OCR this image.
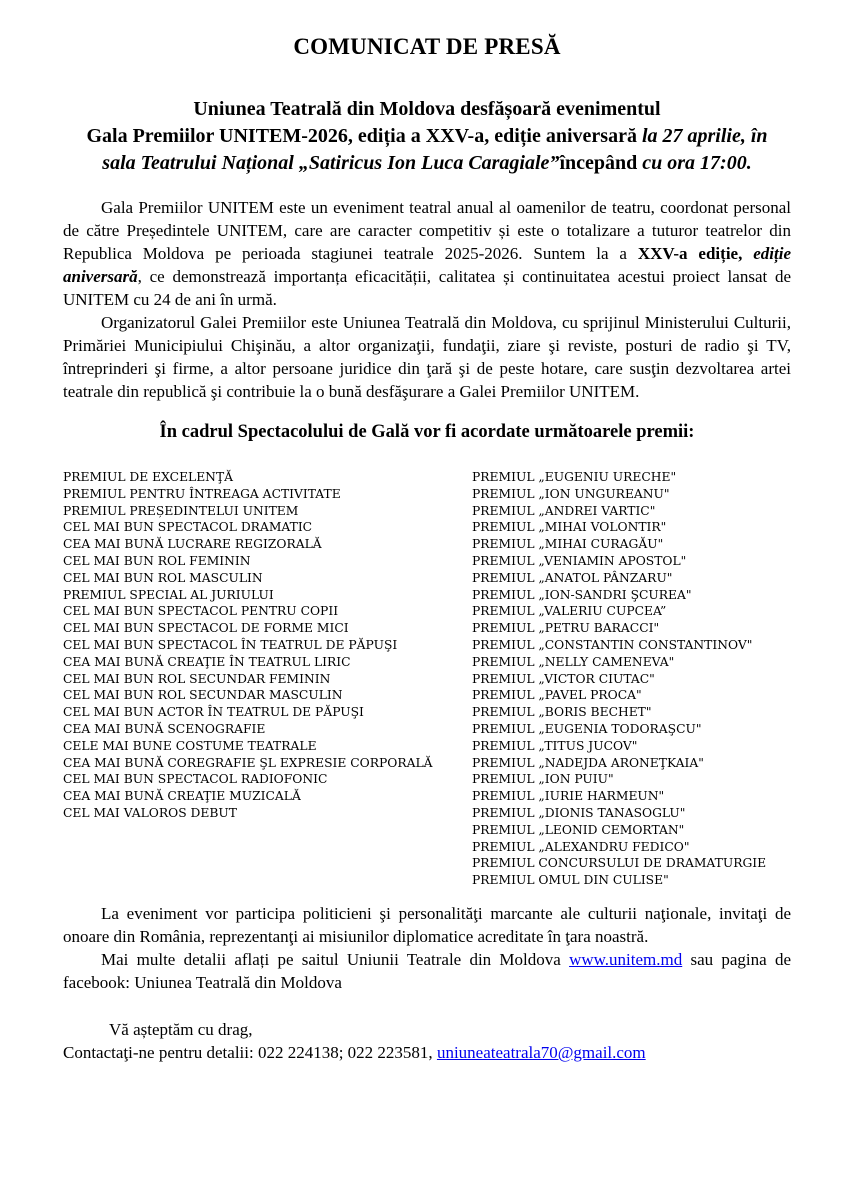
COMUNICAT DE PRESĂ
Uniunea Teatrală din Moldova desfășoară evenimentul
Gala Premiilor UNITEM-2026, ediția a XXV-a, ediție aniversară la 27 aprilie, în
sala Teatrului Național „Satiricus Ion Luca Caragiale”începând cu ora 17:00.

Gala Premiilor UNITEM este un eveniment teatral anual al oamenilor de teatru, coordonat personal de către Președintele UNITEM, care are caracter competitiv și este o totalizare a tuturor teatrelor din Republica Moldova pe perioada stagiunei teatrale 2025-2026. Suntem la a XXV-a ediție, ediție aniversară, ce demonstrează importanța eficacității, calitatea și continuitatea acestui proiect lansat de UNITEM cu 24 de ani în urmă.

Organizatorul Galei Premiilor este Uniunea Teatrală din Moldova, cu sprijinul Ministerului Culturii, Primăriei Municipiului Chişinău, a altor organizaţii, fundaţii, ziare şi reviste, posturi de radio şi TV, întreprinderi şi firme, a altor persoane juridice din ţară şi de peste hotare, care susţin dezvoltarea artei teatrale din republică şi contribuie la o bună desfăşurare a Galei Premiilor UNITEM.

În cadrul Spectacolului de Gală vor fi acordate următoarele premii:
PREMIUL DE EXCELENŢĂ
PREMIUL PENTRU ÎNTREAGA ACTIVITATE
PREMIUL PREȘEDINTELUI UNITEM
CEL MAI BUN SPECTACOL DRAMATIC
CEA MAI BUNĂ LUCRARE REGIZORALĂ
CEL MAI BUN ROL FEMININ
CEL MAI BUN ROL MASCULIN
PREMIUL SPECIAL AL JURIULUI
CEL MAI BUN SPECTACOL PENTRU COPII
CEL MAI BUN SPECTACOL DE FORME MICI
CEL MAI BUN SPECTACOL ÎN TEATRUL DE PĂPUŞI
CEA MAI BUNĂ CREAŢIE ÎN TEATRUL LIRIC
CEL MAI BUN ROL SECUNDAR FEMININ
CEL MAI BUN ROL SECUNDAR MASCULIN
CEL MAI BUN ACTOR ÎN TEATRUL DE PĂPUŞI
CEA MAI BUNĂ SCENOGRAFIE
CELE MAI BUNE COSTUME TEATRALE
CEA MAI BUNĂ COREGRAFIE ŞL EXPRESIE CORPORALĂ
CEL MAI BUN SPECTACOL RADIOFONIC
CEA MAI BUNĂ CREAŢIE MUZICALĂ
CEL MAI VALOROS DEBUT
PREMIUL „EUGENIU URECHE"
PREMIUL „ION UNGUREANU"
PREMIUL „ANDREI VARTIC"
PREMIUL „MIHAI VOLONTIR"
PREMIUL „MIHAI CURAGĂU"
PREMIUL „VENIAMIN APOSTOL"
PREMIUL „ANATOL PÂNZARU"
PREMIUL „ION-SANDRI ŞCUREA"
PREMIUL „VALERIU CUPCEA”
PREMIUL „PETRU BARACCI"
PREMIUL „CONSTANTIN CONSTANTINOV"
PREMIUL „NELLY CAMENEVA"
PREMIUL „VICTOR CIUTAC"
PREMIUL „PAVEL PROCA"
PREMIUL „BORIS BECHET"
PREMIUL „EUGENIA TODORAŞCU"
PREMIUL „TITUS JUCOV"
PREMIUL „NADEJDA ARONEŢKAIA"
PREMIUL „ION PUIU"
PREMIUL „IURIE HARMEUN"
PREMIUL „DIONIS TANASOGLU"
PREMIUL „LEONID CEMORTAN"
PREMIUL „ALEXANDRU FEDICO"
PREMIUL CONCURSULUI DE DRAMATURGIE
PREMIUL OMUL DIN CULISE"

La eveniment vor participa politicieni şi personalităţi marcante ale culturii naţionale, invitaţi de onoare din România, reprezentanţi ai misiunilor diplomatice acreditate în ţara noastră.

Mai multe detalii aflați pe saitul Uniunii Teatrale din Moldova www.unitem.md sau pagina de facebook: Uniunea Teatrală din Moldova

Vă așteptăm cu drag,
Contactaţi-ne pentru detalii: 022 224138; 022 223581, uniuneateatrala70@gmail.com
